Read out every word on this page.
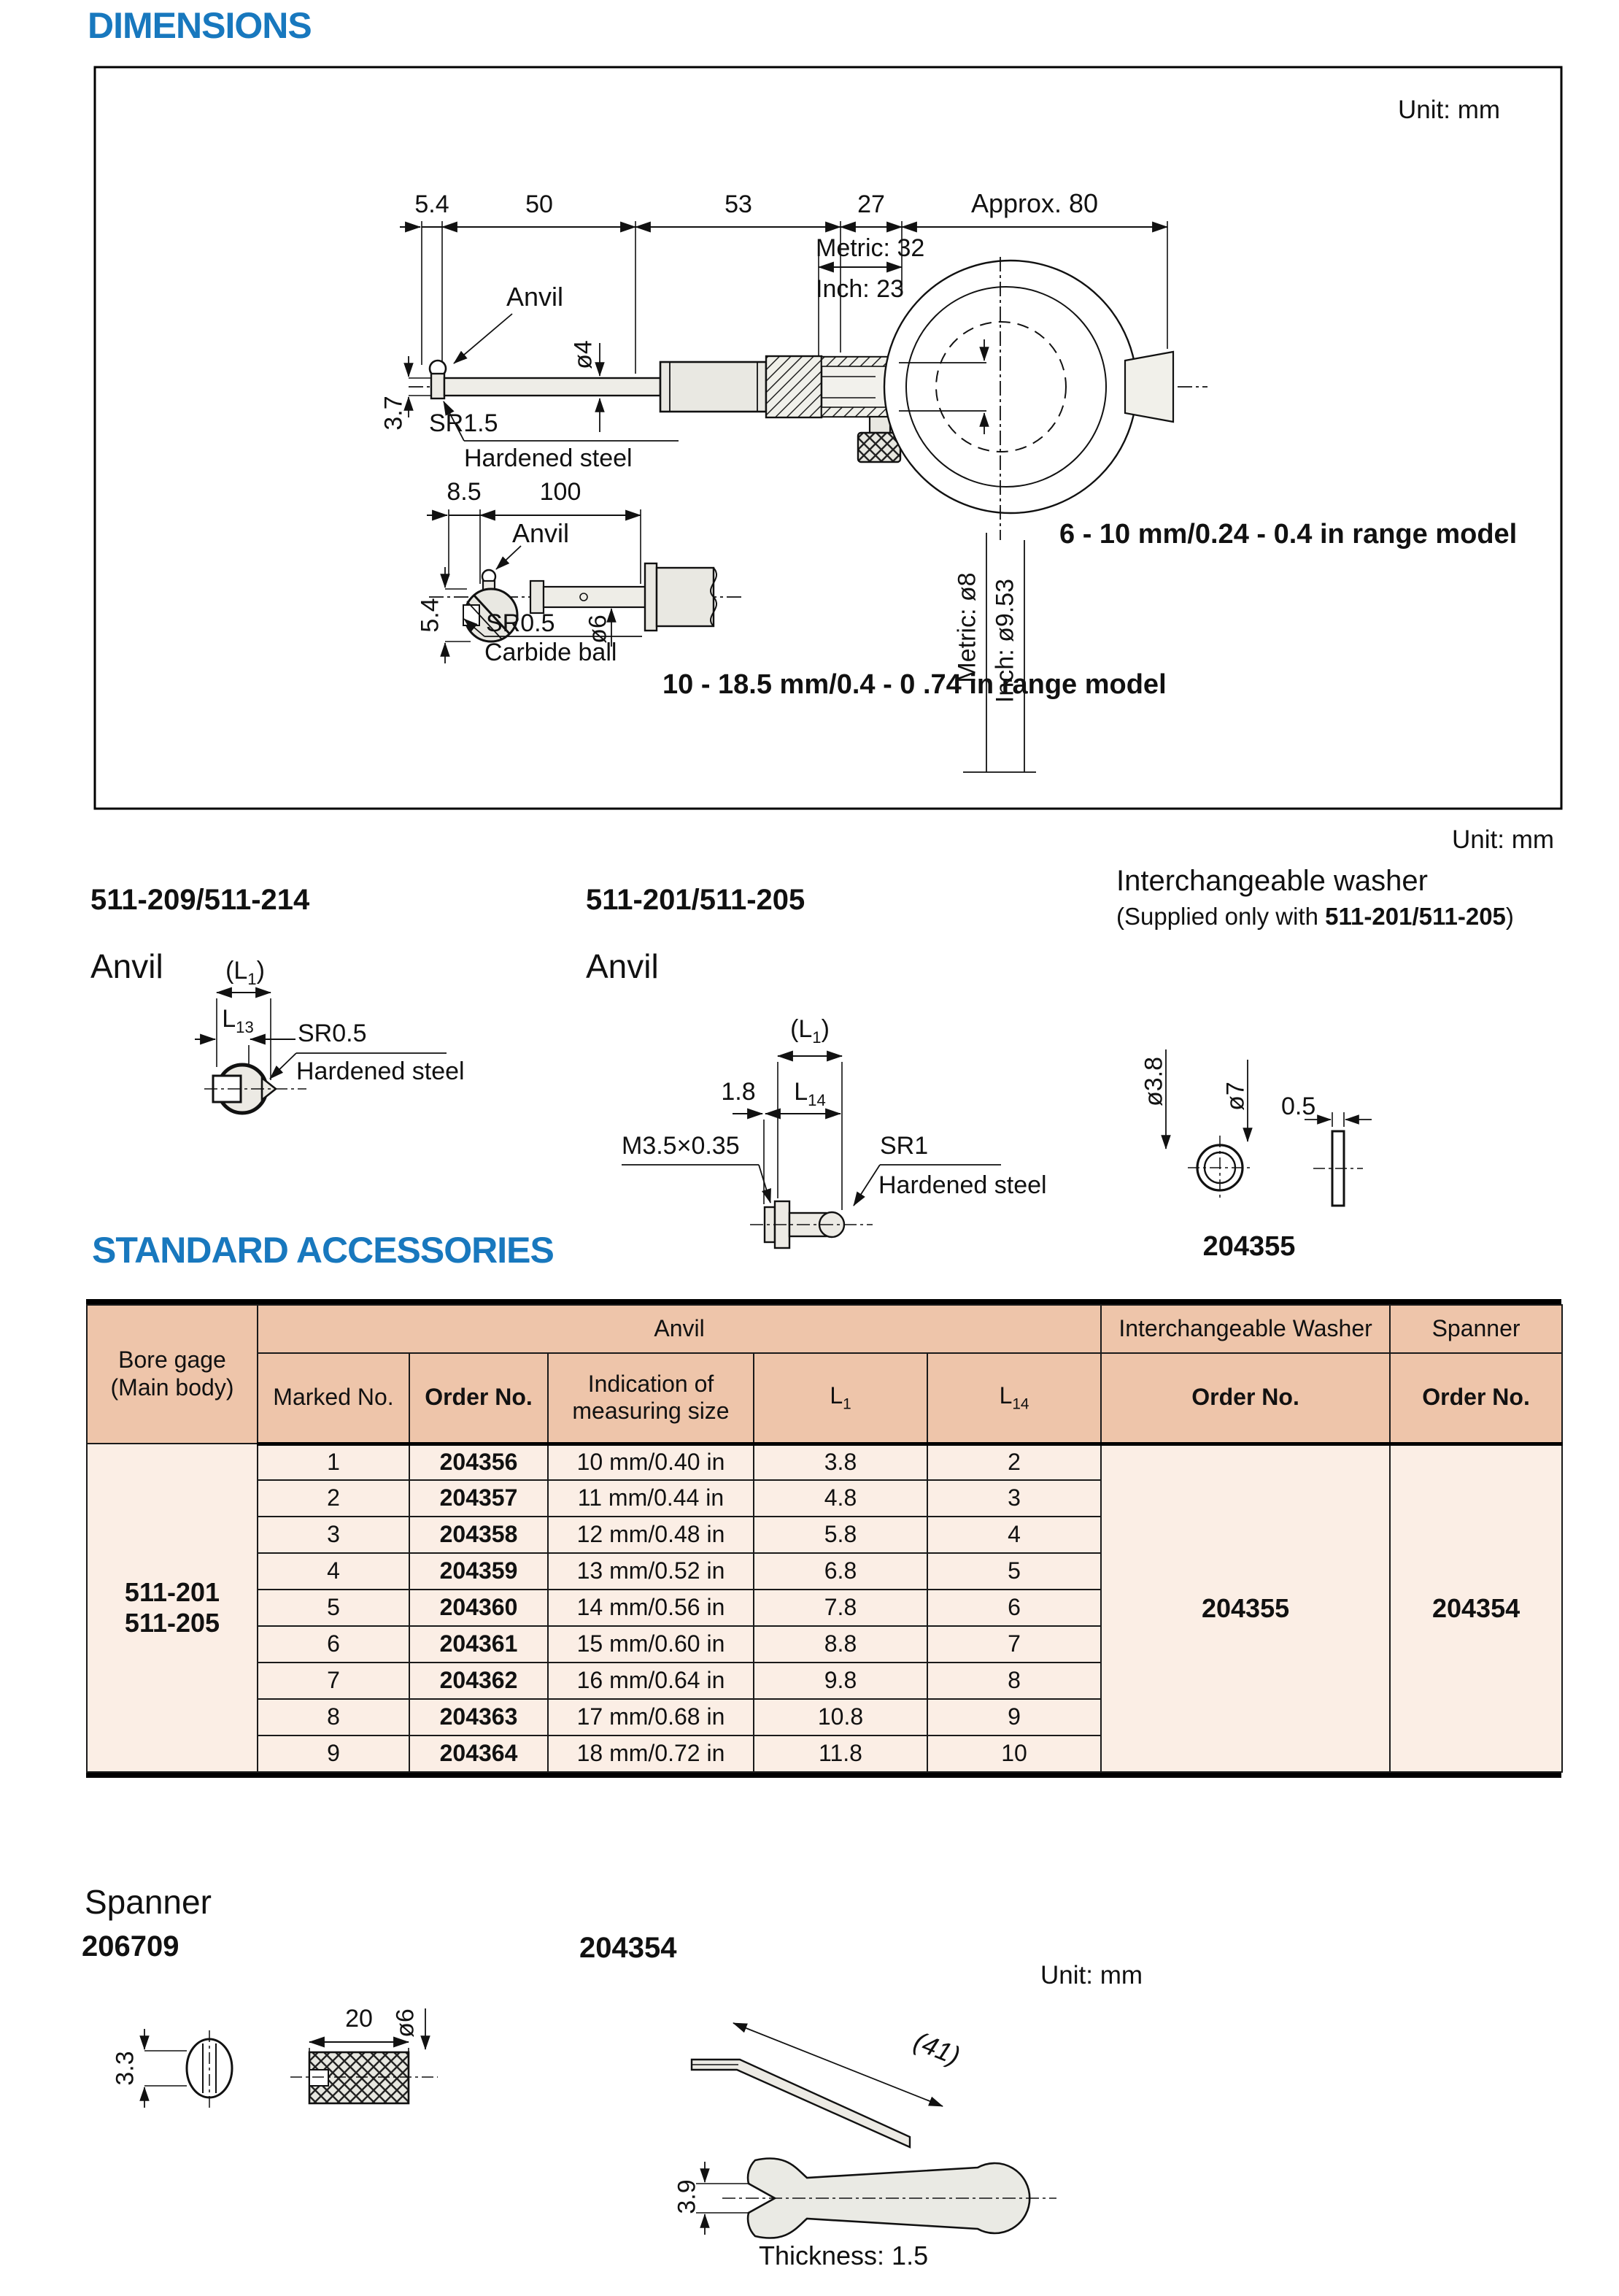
DIMENSIONS
Unit: mm
5.4	50	53	27	Approx. 80
Metric: 32
Inch: 23
Anvil
ø4
3.7 SR1.5
Hardened steel
Metric: ø8 Inch: ø9.53
6 - 10 mm/0.24 - 0.4 in range model
8.5 100
Anvil
5.4 SR0.5 ø6
Carbide ball
10 - 18.5 mm/0.4 - 0 .74 in range model
Unit: mm
511-209/511-214
Anvil	$(L_1)$
$L_{13}$ SR0.5
Hardened steel
511-201/511-205
Anvil
$(L_1)$
1.8 $L_{14}$
M3.5×0.35	SR1
Hardened steel
Interchangeable washer
(Supplied only with 511-201/511-205)
ø3.8 ø7 0.5
204355
STANDARD ACCESSORIES
Bore gage
(Main body)	Anvil					Interchangeable Washer	Spanner
	Marked No.	Order No.	Indication of
measuring size	$L_1$	$L_{14}$	Order No.	Order No.
511-201
511-205	1	204356	10 mm/0.40 in	3.8	2	204355	204354
	2	204357	11 mm/0.44 in	4.8	3		
	3	204358	12 mm/0.48 in	5.8	4		
	4	204359	13 mm/0.52 in	6.8	5		
	5	204360	14 mm/0.56 in	7.8	6		
	6	204361	15 mm/0.60 in	8.8	7		
	7	204362	16 mm/0.64 in	9.8	8		
	8	204363	17 mm/0.68 in	10.8	9		
	9	204364	18 mm/0.72 in	11.8	10		
Spanner
206709	204354
Unit: mm
3.3
20 ø6
(41)
3.9
Thickness: 1.5
